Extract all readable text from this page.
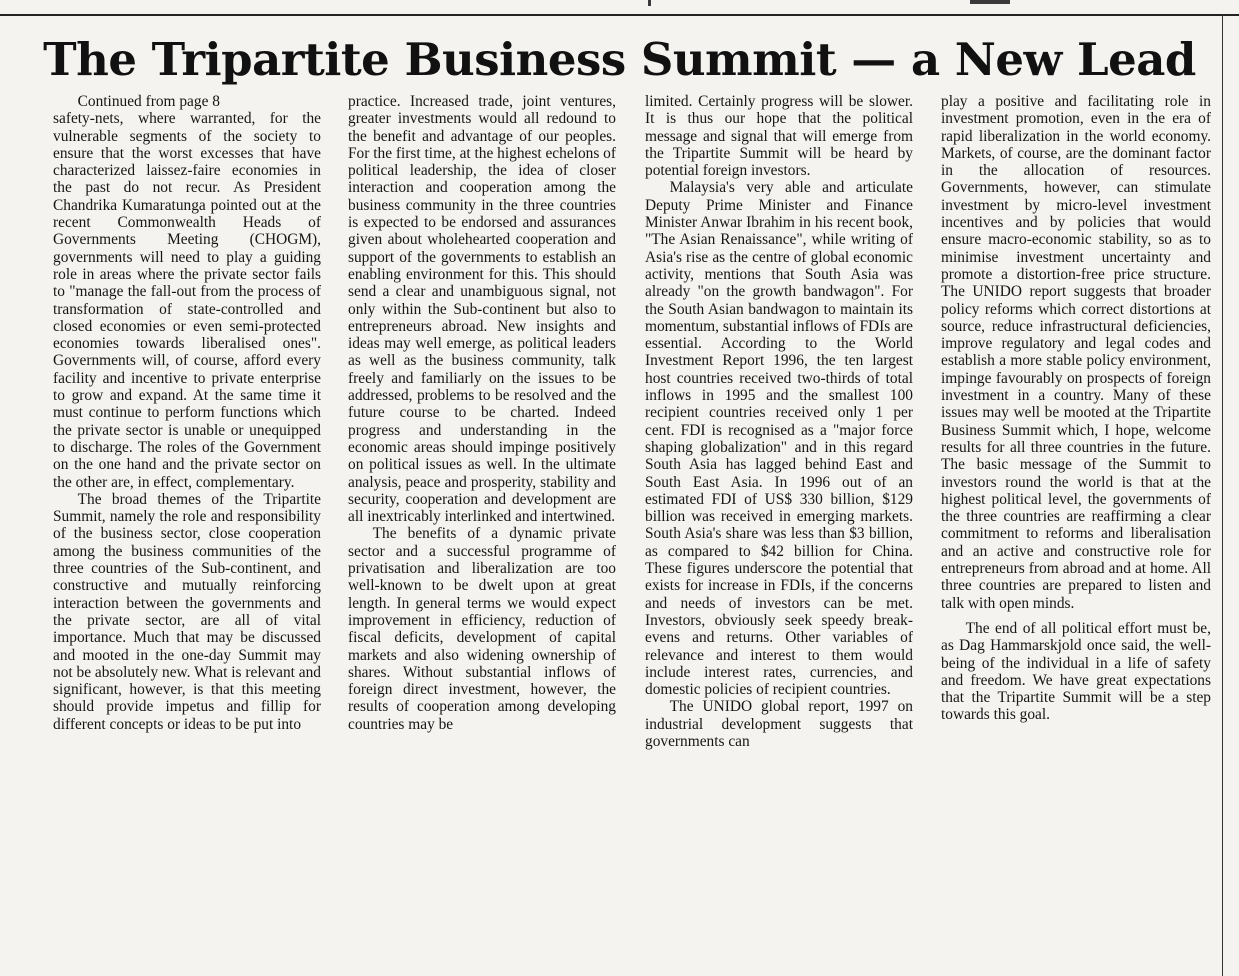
The Tripartite Business Summit — a New Lead

Continued from page 8

safety-nets, where warranted, for the vulnerable segments of the society to ensure that the worst excesses that have characterized laissez-faire economies in the past do not recur. As President Chandrika Kumaratunga pointed out at the recent Commonwealth Heads of Governments Meeting (CHOGM), governments will need to play a guiding role in areas where the private sector fails to "manage the fall-out from the process of transformation of state-controlled and closed economies or even semi-protected economies towards liberalised ones". Governments will, of course, afford every facility and incentive to private enterprise to grow and expand. At the same time it must continue to perform functions which the private sector is unable or unequipped to discharge. The roles of the Government on the one hand and the private sector on the other are, in effect, complementary.

The broad themes of the Tripartite Summit, namely the role and responsibility of the business sector, close cooperation among the business communities of the three countries of the Sub-continent, and constructive and mutually reinforcing interaction between the governments and the private sector, are all of vital importance. Much that may be discussed and mooted in the one-day Summit may not be absolutely new. What is relevant and significant, however, is that this meeting should provide impetus and fillip for different concepts or ideas to be put into

practice. Increased trade, joint ventures, greater investments would all redound to the benefit and advantage of our peoples. For the first time, at the highest echelons of political leadership, the idea of closer interaction and cooperation among the business community in the three countries is expected to be endorsed and assurances given about wholehearted cooperation and support of the governments to establish an enabling environment for this. This should send a clear and unambiguous signal, not only within the Sub-continent but also to entrepreneurs abroad. New insights and ideas may well emerge, as political leaders as well as the business community, talk freely and familiarly on the issues to be addressed, problems to be resolved and the future course to be charted. Indeed progress and understanding in the economic areas should impinge positively on political issues as well. In the ultimate analysis, peace and prosperity, stability and security, cooperation and development are all inextricably interlinked and intertwined.

The benefits of a dynamic private sector and a successful programme of privatisation and liberalization are too well-known to be dwelt upon at great length. In general terms we would expect improvement in efficiency, reduction of fiscal deficits, development of capital markets and also widening ownership of shares. Without substantial inflows of foreign direct investment, however, the results of cooperation among developing countries may be

limited. Certainly progress will be slower. It is thus our hope that the political message and signal that will emerge from the Tripartite Summit will be heard by potential foreign investors.

Malaysia's very able and articulate Deputy Prime Minister and Finance Minister Anwar Ibrahim in his recent book, "The Asian Renaissance", while writing of Asia's rise as the centre of global economic activity, mentions that South Asia was already "on the growth bandwagon". For the South Asian bandwagon to maintain its momentum, substantial inflows of FDIs are essential. According to the World Investment Report 1996, the ten largest host countries received two-thirds of total inflows in 1995 and the smallest 100 recipient countries received only 1 per cent. FDI is recognised as a "major force shaping globalization" and in this regard South Asia has lagged behind East and South East Asia. In 1996 out of an estimated FDI of US$ 330 billion, $129 billion was received in emerging markets. South Asia's share was less than $3 billion, as compared to $42 billion for China. These figures underscore the potential that exists for increase in FDIs, if the concerns and needs of investors can be met. Investors, obviously seek speedy break-evens and returns. Other variables of relevance and interest to them would include interest rates, currencies, and domestic policies of recipient countries.

The UNIDO global report, 1997 on industrial development suggests that governments can

play a positive and facilitating role in investment promotion, even in the era of rapid liberalization in the world economy. Markets, of course, are the dominant factor in the allocation of resources. Governments, however, can stimulate investment by micro-level investment incentives and by policies that would ensure macro-economic stability, so as to minimise investment uncertainty and promote a distortion-free price structure. The UNIDO report suggests that broader policy reforms which correct distortions at source, reduce infrastructural deficiencies, improve regulatory and legal codes and establish a more stable policy environment, impinge favourably on prospects of foreign investment in a country. Many of these issues may well be mooted at the Tripartite Business Summit which, I hope, welcome results for all three countries in the future. The basic message of the Summit to investors round the world is that at the highest political level, the governments of the three countries are reaffirming a clear commitment to reforms and liberalisation and an active and constructive role for entrepreneurs from abroad and at home. All three countries are prepared to listen and talk with open minds.

The end of all political effort must be, as Dag Hammarskjold once said, the well-being of the individual in a life of safety and freedom. We have great expectations that the Tripartite Summit will be a step towards this goal.
